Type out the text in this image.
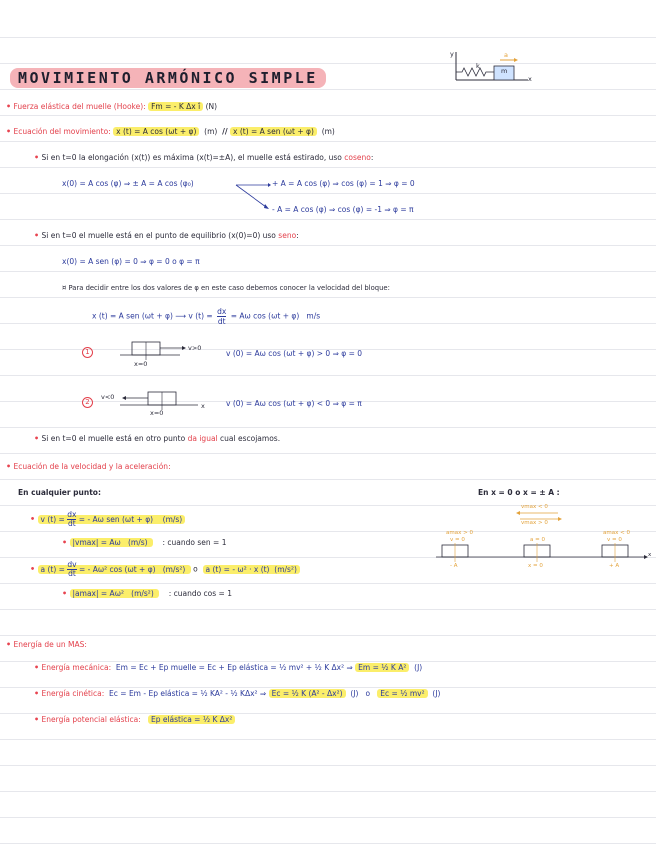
MOVIMIENTO ARMÓNICO SIMPLE
y
k
m
a
x
• Fuerza elástica del muelle (Hooke): Fm = - K Δx î (N)
• Ecuación del movimiento: x (t) = A cos (ωt + φ) (m) // x (t) = A sen (ωt + φ) (m)
• Si en t=0 la elongación (x(t)) es máxima (x(t)=±A), el muelle está estirado, uso coseno:
x(0) = A cos (φ) ⇒ ± A = A cos (φ₀)	+ A = A cos (φ) ⇒ cos (φ) = 1 ⇒ φ = 0
- A = A cos (φ) ⇒ cos (φ) = -1 ⇒ φ = π
• Si en t=0 el muelle está en el punto de equilibrio (x(0)=0) uso seno:
x(0) = A sen (φ) = 0 ⇒ φ = 0 o φ = π
¤ Para decidir entre los dos valores de φ en este caso debemos conocer la velocidad del bloque:
x (t) = A sen (ωt + φ) ⟶ v $(t) = \frac{dx}{dt} = A\omega$ cos (ωt + φ) m/s
1	v>0
x=0
v (0) = Aω cos (ωt + φ) > 0 ⇒ φ = 0
2
v<0
x
x=0
v (0) = Aω cos (ωt + φ) < 0 ⇒ φ = π
• Si en t=0 el muelle está en otro punto da igual cual escojamos.
• Ecuación de la velocidad y la aceleración:
En cualquier punto:	En x = 0 o x = ± A :
• v $(t) = \frac{dx}{dt}$ = - Aω sen (ωt + φ) (m/s)
• |vmax| = Aω (m/s) : cuando sen = 1
• a $(t) = \frac{dv}{dt}$ = - Aω² cos (ωt + φ) (m/s²) o a (t) = - ω² · x (t) (m/s²)
• |amax| = Aω² (m/s²) : cuando cos = 1
amax > 0
v = 0
vmax < 0
vmax > 0
a = 0
amax < 0
v = 0
- A	x = 0	+ A
x
• Energía de un MAS:
• Energía mecánica: Em = Ec + Ep muelle = Ec + Ep elástica = ½ mv² + ½ K Δx² ⇒ Em = ½ K A² (J)
• Energía cinética: Ec = Em - Ep elástica = ½ KA² - ½ KΔx² ⇒ Ec = ½ K (A² - Δx²) (J) o Ec = ½ mv² (J)
• Energía potencial elástica: Ep elástica = ½ K Δx²
